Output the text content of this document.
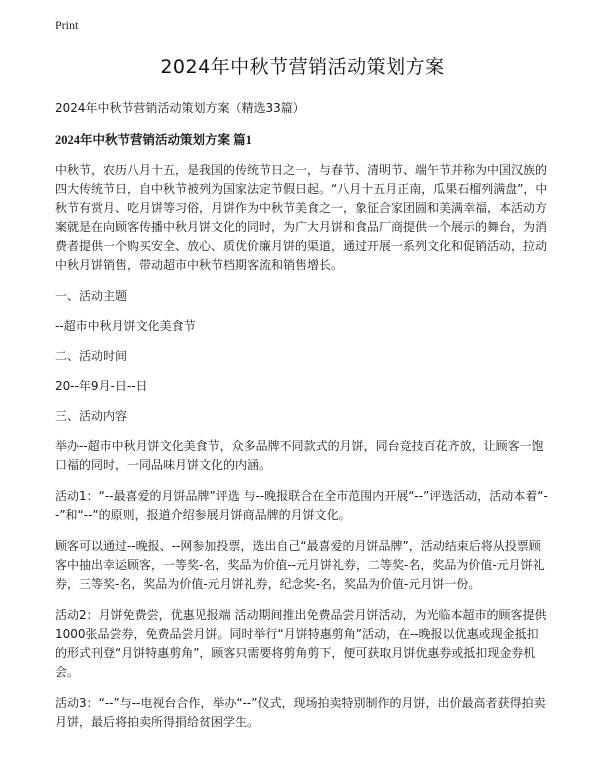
Print
2024年中秋节营销活动策划方案

2024年中秋节营销活动策划方案（精选33篇）

2024年中秋节营销活动策划方案 篇1

中秋节，农历八月十五，是我国的传统节日之一，与春节、清明节、端午节并称为中国汉族的四大传统节日，自中秋节被列为国家法定节假日起。“八月十五月正南，瓜果石榴列满盘”，中秋节有赏月、吃月饼等习俗，月饼作为中秋节美食之一，象征合家团圆和美满幸福，本活动方案就是在向顾客传播中秋月饼文化的同时，为广大月饼和食品厂商提供一个展示的舞台，为消费者提供一个购买安全、放心、质优价廉月饼的渠道，通过开展一系列文化和促销活动，拉动中秋月饼销售，带动超市中秋节档期客流和销售增长。

一、活动主题

--超市中秋月饼文化美食节

二、活动时间

20--年9月-日--日

三、活动内容

举办--超市中秋月饼文化美食节，众多品牌不同款式的月饼，同台竞技百花齐放，让顾客一饱口福的同时，一同品味月饼文化的内涵。

活动1：“--最喜爱的月饼品牌”评选 与--晚报联合在全市范围内开展“--”评选活动，活动本着“--”和“--”的原则，报道介绍参展月饼商品牌的月饼文化。

顾客可以通过--晚报、--网参加投票，选出自己“最喜爱的月饼品牌”，活动结束后将从投票顾客中抽出幸运顾客，一等奖-名，奖品为价值--元月饼礼券，二等奖-名，奖品为价值-元月饼礼券，三等奖-名，奖品为价值-元月饼礼券，纪念奖-名，奖品为价值-元月饼一份。

活动2：月饼免费尝，优惠见报端 活动期间推出免费品尝月饼活动，为光临本超市的顾客提供1000张品尝券，免费品尝月饼。同时举行“月饼特惠剪角”活动，在--晚报以优惠或现金抵扣的形式刊登“月饼特惠剪角”，顾客只需要将剪角剪下，便可获取月饼优惠券或抵扣现金券机会。

活动3：“--”与--电视台合作，举办“--”仪式，现场拍卖特别制作的月饼，出价最高者获得拍卖月饼，最后将拍卖所得捐给贫困学生。
